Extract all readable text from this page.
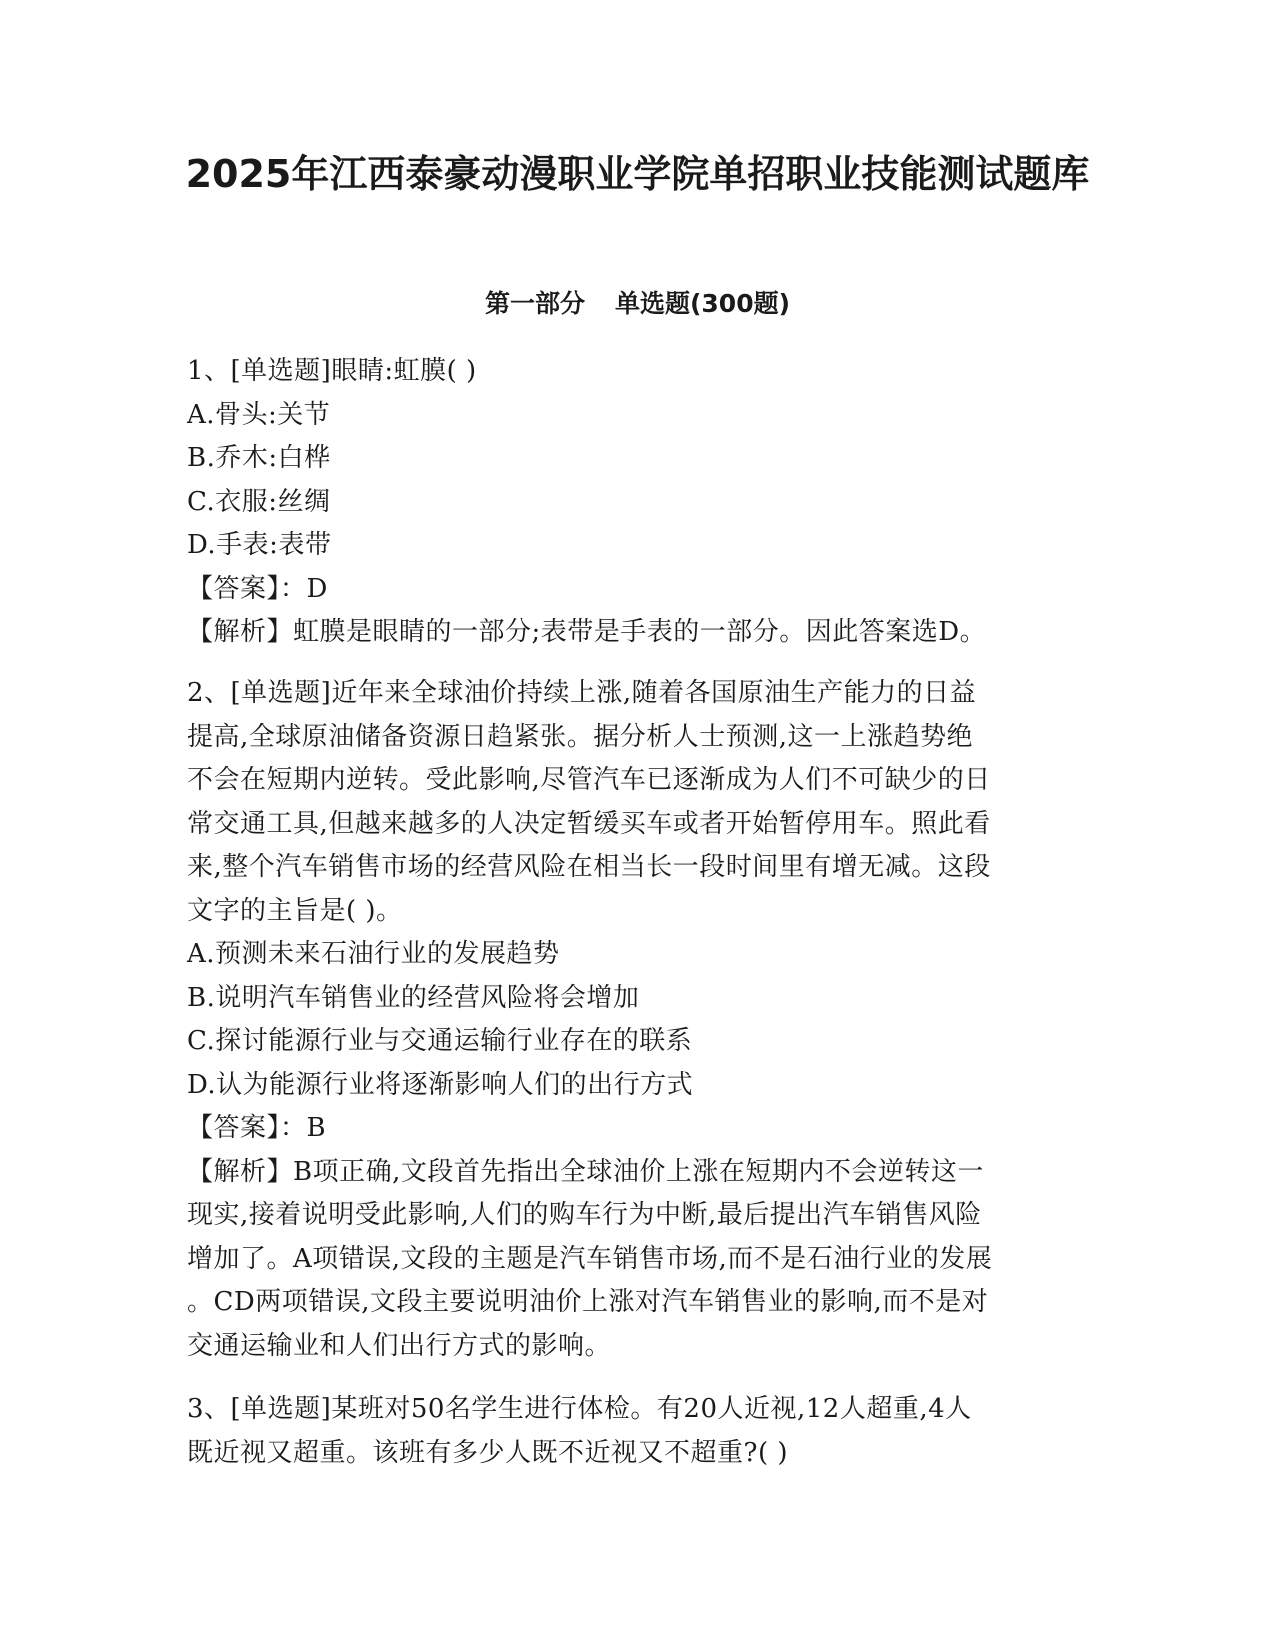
2025年江西泰豪动漫职业学院单招职业技能测试题库
第一部分 单选题(300题)
1、[单选题]眼睛:虹膜( )
A.骨头:关节
B.乔木:白桦
C.衣服:丝绸
D.手表:表带
【答案】：D
【解析】虹膜是眼睛的一部分;表带是手表的一部分。因此答案选D。
2、[单选题]近年来全球油价持续上涨,随着各国原油生产能力的日益
提高,全球原油储备资源日趋紧张。据分析人士预测,这一上涨趋势绝
不会在短期内逆转。受此影响,尽管汽车已逐渐成为人们不可缺少的日
常交通工具,但越来越多的人决定暂缓买车或者开始暂停用车。照此看
来,整个汽车销售市场的经营风险在相当长一段时间里有增无减。这段
文字的主旨是( )。
A.预测未来石油行业的发展趋势
B.说明汽车销售业的经营风险将会增加
C.探讨能源行业与交通运输行业存在的联系
D.认为能源行业将逐渐影响人们的出行方式
【答案】：B
【解析】B项正确,文段首先指出全球油价上涨在短期内不会逆转这一
现实,接着说明受此影响,人们的购车行为中断,最后提出汽车销售风险
增加了。A项错误,文段的主题是汽车销售市场,而不是石油行业的发展
。CD两项错误,文段主要说明油价上涨对汽车销售业的影响,而不是对
交通运输业和人们出行方式的影响。
3、[单选题]某班对50名学生进行体检。有20人近视,12人超重,4人
既近视又超重。该班有多少人既不近视又不超重?( )
